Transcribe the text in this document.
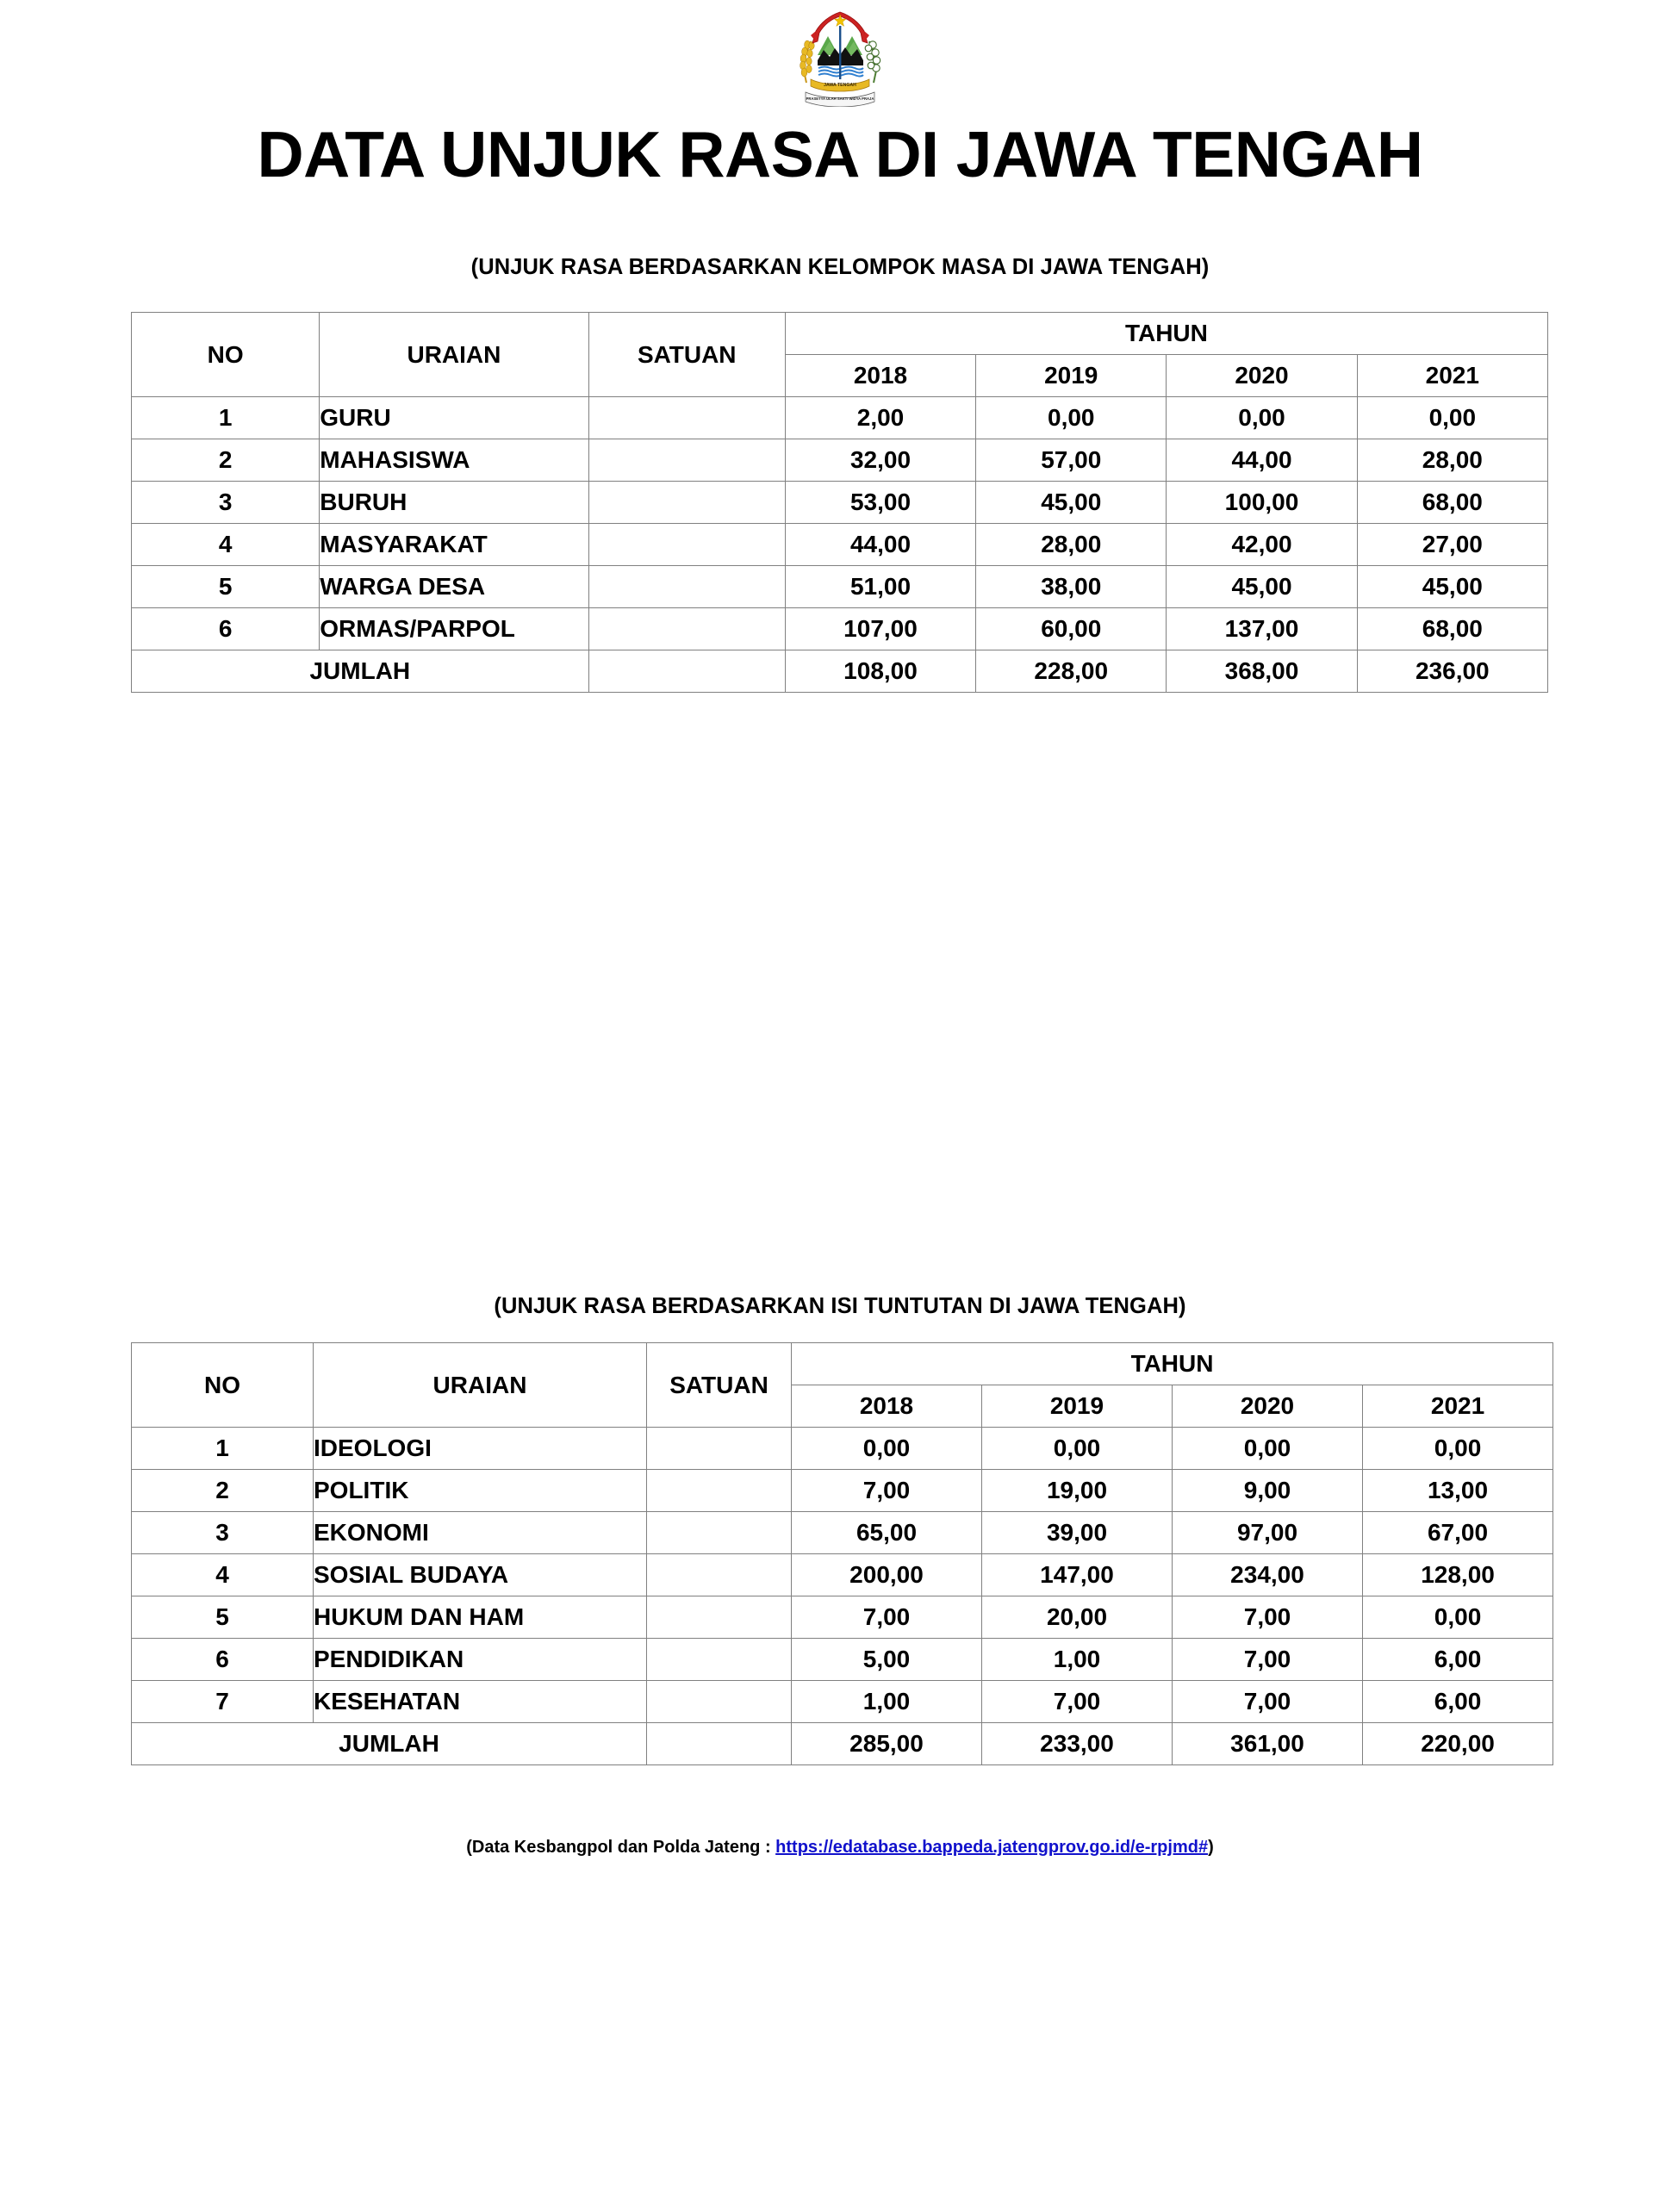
JAWA TENGAH
PRASETYA ULAH SAKTI WIDYA PRAJA
DATA UNJUK RASA DI JAWA TENGAH
(UNJUK RASA BERDASARKAN KELOMPOK MASA DI JAWA TENGAH)
NO	URAIAN	SATUAN	TAHUN			
			2018	2019	2020	2021
1	GURU		2,00	0,00	0,00	0,00
2	MAHASISWA		32,00	57,00	44,00	28,00
3	BURUH		53,00	45,00	100,00	68,00
4	MASYARAKAT		44,00	28,00	42,00	27,00
5	WARGA DESA		51,00	38,00	45,00	45,00
6	ORMAS/PARPOL		107,00	60,00	137,00	68,00
JUMLAH			108,00	228,00	368,00	236,00
(UNJUK RASA BERDASARKAN ISI TUNTUTAN DI JAWA TENGAH)
NO	URAIAN	SATUAN	TAHUN			
			2018	2019	2020	2021
1	IDEOLOGI		0,00	0,00	0,00	0,00
2	POLITIK		7,00	19,00	9,00	13,00
3	EKONOMI		65,00	39,00	97,00	67,00
4	SOSIAL BUDAYA		200,00	147,00	234,00	128,00
5	HUKUM DAN HAM		7,00	20,00	7,00	0,00
6	PENDIDIKAN		5,00	1,00	7,00	6,00
7	KESEHATAN		1,00	7,00	7,00	6,00
JUMLAH			285,00	233,00	361,00	220,00
(Data Kesbangpol dan Polda Jateng : https://edatabase.bappeda.jatengprov.go.id/e-rpjmd#)
